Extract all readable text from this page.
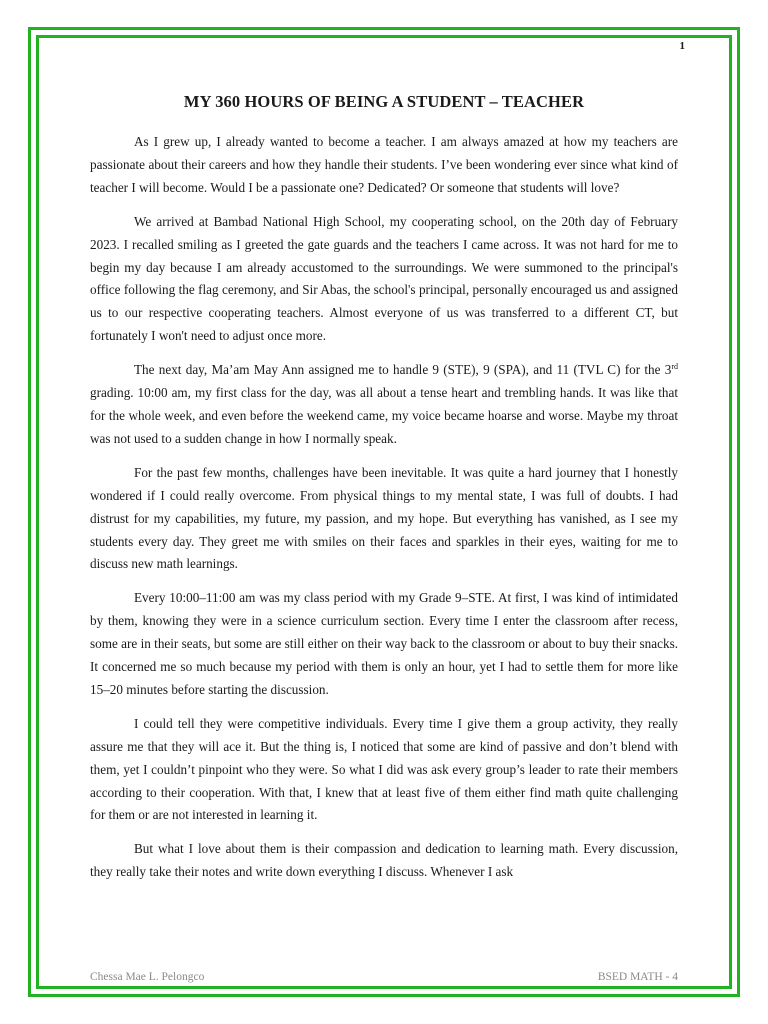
1
MY 360 HOURS OF BEING A STUDENT – TEACHER

As I grew up, I already wanted to become a teacher. I am always amazed at how my teachers are passionate about their careers and how they handle their students. I’ve been wondering ever since what kind of teacher I will become. Would I be a passionate one? Dedicated? Or someone that students will love?

We arrived at Bambad National High School, my cooperating school, on the 20th day of February 2023. I recalled smiling as I greeted the gate guards and the teachers I came across. It was not hard for me to begin my day because I am already accustomed to the surroundings. We were summoned to the principal's office following the flag ceremony, and Sir Abas, the school's principal, personally encouraged us and assigned us to our respective cooperating teachers. Almost everyone of us was transferred to a different CT, but fortunately I won't need to adjust once more.

The next day, Ma’am May Ann assigned me to handle 9 (STE), 9 (SPA), and 11 (TVL C) for the 3rd grading. 10:00 am, my first class for the day, was all about a tense heart and trembling hands. It was like that for the whole week, and even before the weekend came, my voice became hoarse and worse. Maybe my throat was not used to a sudden change in how I normally speak.

For the past few months, challenges have been inevitable. It was quite a hard journey that I honestly wondered if I could really overcome. From physical things to my mental state, I was full of doubts. I had distrust for my capabilities, my future, my passion, and my hope. But everything has vanished, as I see my students every day. They greet me with smiles on their faces and sparkles in their eyes, waiting for me to discuss new math learnings.

Every 10:00–11:00 am was my class period with my Grade 9–STE. At first, I was kind of intimidated by them, knowing they were in a science curriculum section. Every time I enter the classroom after recess, some are in their seats, but some are still either on their way back to the classroom or about to buy their snacks. It concerned me so much because my period with them is only an hour, yet I had to settle them for more like 15–20 minutes before starting the discussion.

I could tell they were competitive individuals. Every time I give them a group activity, they really assure me that they will ace it. But the thing is, I noticed that some are kind of passive and don’t blend with them, yet I couldn’t pinpoint who they were. So what I did was ask every group’s leader to rate their members according to their cooperation. With that, I knew that at least five of them either find math quite challenging for them or are not interested in learning it.

But what I love about them is their compassion and dedication to learning math. Every discussion, they really take their notes and write down everything I discuss. Whenever I ask

Chessa Mae L. Pelongco	BSED MATH - 4
